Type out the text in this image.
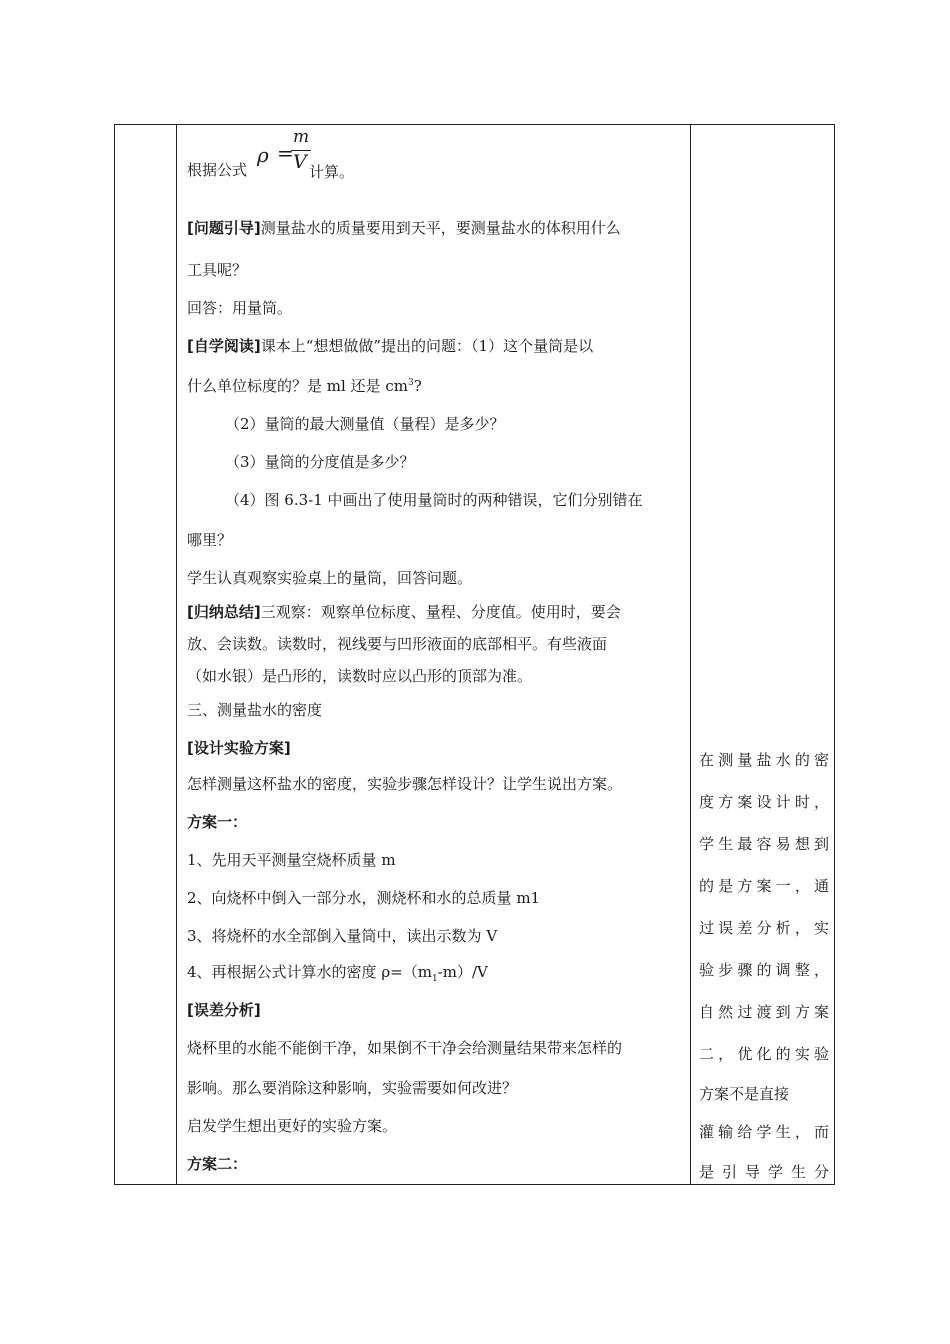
根据公式
ρ =
m
V 计算。
[问题引导]测量盐水的质量要用到天平，要测量盐水的体积用什么
工具呢？
回答：用量筒。
[自学阅读]课本上“想想做做”提出的问题：（1）这个量筒是以
什么单位标度的？是 ml 还是 $cm^3$?
（2）量筒的最大测量值（量程）是多少？
（3）量筒的分度值是多少？
（4）图 6.3-1 中画出了使用量筒时的两种错误，它们分别错在
哪里？
学生认真观察实验桌上的量筒，回答问题。
[归纳总结]三观察：观察单位标度、量程、分度值。使用时，要会
放、会读数。读数时，视线要与凹形液面的底部相平。有些液面
（如水银）是凸形的，读数时应以凸形的顶部为准。
三、测量盐水的密度
[设计实验方案]
怎样测量这杯盐水的密度，实验步骤怎样设计？让学生说出方案。
方案一：
1、先用天平测量空烧杯质量 m
2、向烧杯中倒入一部分水，测烧杯和水的总质量 m1
3、将烧杯的水全部倒入量筒中，读出示数为 V
4、再根据公式计算水的密度 $\rho=(m_1-m)/V$
[误差分析]
烧杯里的水能不能倒干净，如果倒不干净会给测量结果带来怎样的
影响。那么要消除这种影响，实验需要如何改进？
启发学生想出更好的实验方案。
方案二：
在测量盐水的密
度方案设计时，
学生最容易想到
的是方案一，通
过误差分析，实
验步骤的调整，
自然过渡到方案
二，优化的实验
方案不是直接
灌输给学生，而
是 引 导 学 生 分
